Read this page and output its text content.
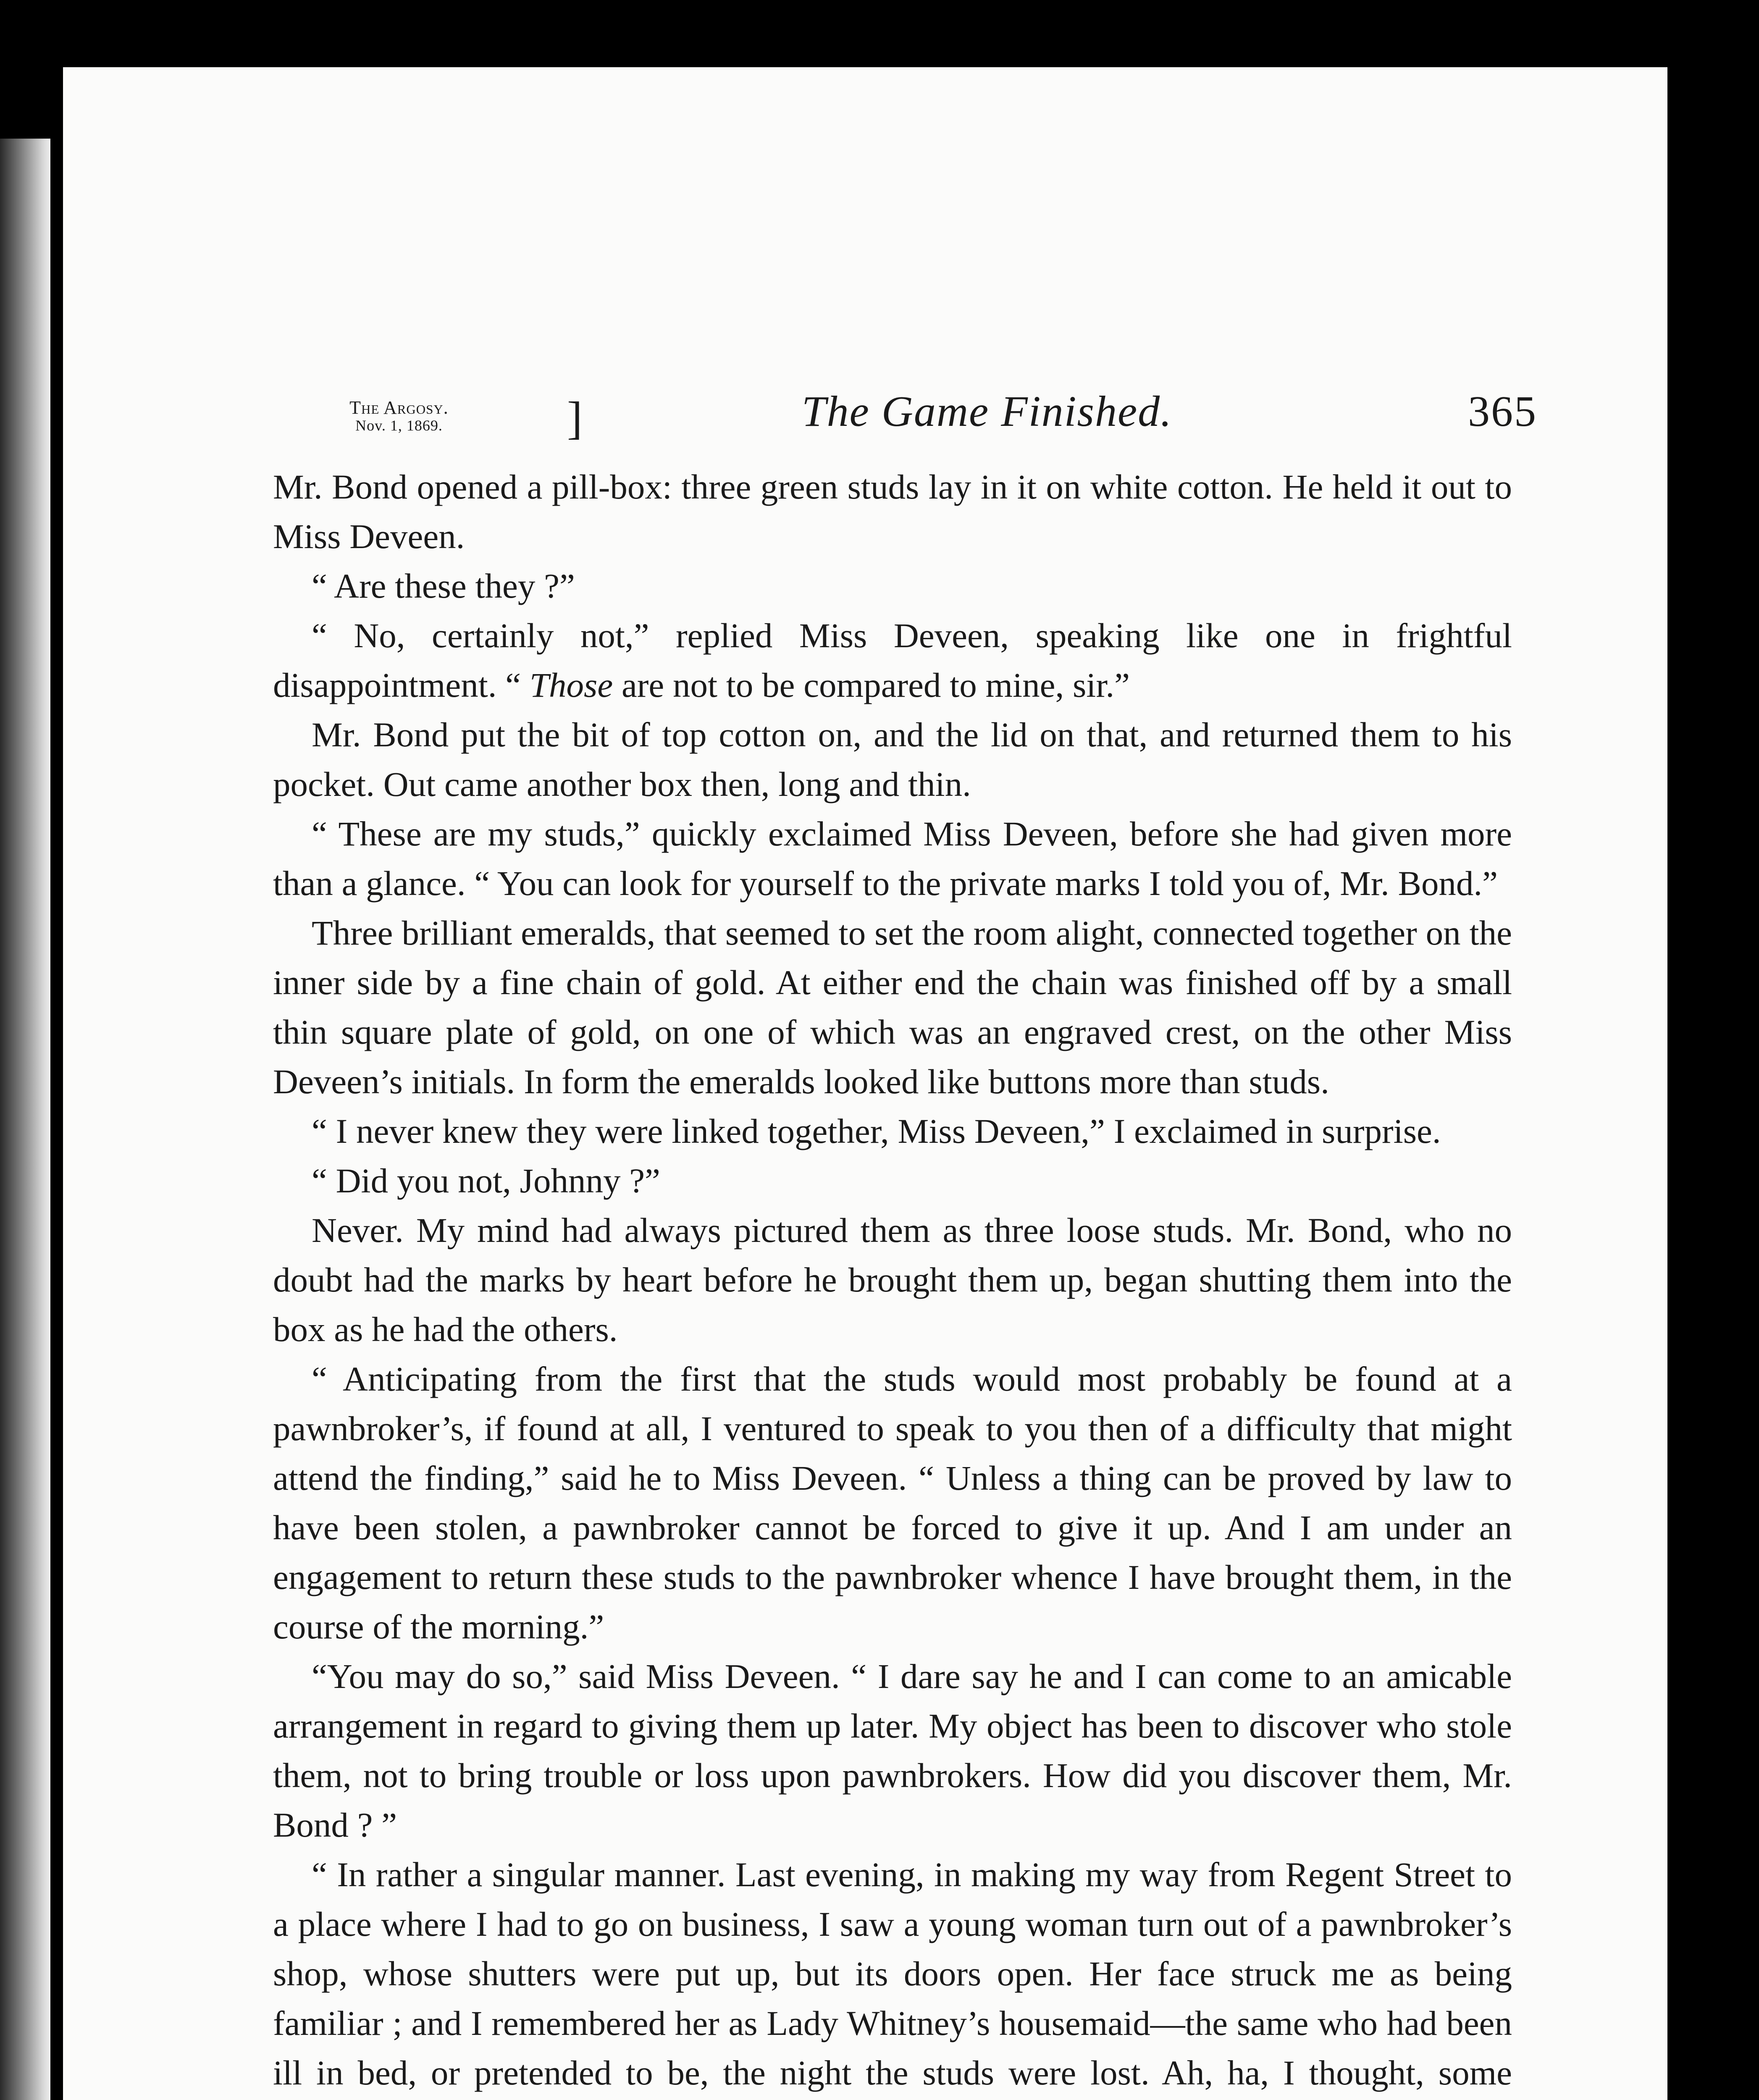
The Argosy.
Nov. 1, 1869.	]	The Game Finished.	365

Mr. Bond opened a pill-box: three green studs lay in it on white cotton. He held it out to Miss Deveen.

“ Are these they ?”

“ No, certainly not,” replied Miss Deveen, speaking like one in frightful disappointment. “ Those are not to be compared to mine, sir.”

Mr. Bond put the bit of top cotton on, and the lid on that, and returned them to his pocket. Out came another box then, long and thin.

“ These are my studs,” quickly exclaimed Miss Deveen, before she had given more than a glance. “ You can look for yourself to the private marks I told you of, Mr. Bond.”

Three brilliant emeralds, that seemed to set the room alight, connected together on the inner side by a fine chain of gold. At either end the chain was finished off by a small thin square plate of gold, on one of which was an engraved crest, on the other Miss Deveen’s initials. In form the emeralds looked like buttons more than studs.

“ I never knew they were linked together, Miss Deveen,” I exclaimed in surprise.

“ Did you not, Johnny ?”

Never. My mind had always pictured them as three loose studs. Mr. Bond, who no doubt had the marks by heart before he brought them up, began shutting them into the box as he had the others.

“ Anticipating from the first that the studs would most probably be found at a pawnbroker’s, if found at all, I ventured to speak to you then of a difficulty that might attend the finding,” said he to Miss Deveen. “ Unless a thing can be proved by law to have been stolen, a pawnbroker cannot be forced to give it up. And I am under an engagement to return these studs to the pawnbroker whence I have brought them, in the course of the morning.”

“You may do so,” said Miss Deveen. “ I dare say he and I can come to an amicable arrangement in regard to giving them up later. My object has been to discover who stole them, not to bring trouble or loss upon pawnbrokers. How did you discover them, Mr. Bond ? ”

“ In rather a singular manner. Last evening, in making my way from Regent Street to a place where I had to go on business, I saw a young woman turn out of a pawnbroker’s shop, whose shutters were put up, but its doors open. Her face struck me as being familiar ; and I remembered her as Lady Whitney’s housemaid—the same who had been ill in bed, or pretended to be, the night the studs were lost. Ah, ha, I thought, some
